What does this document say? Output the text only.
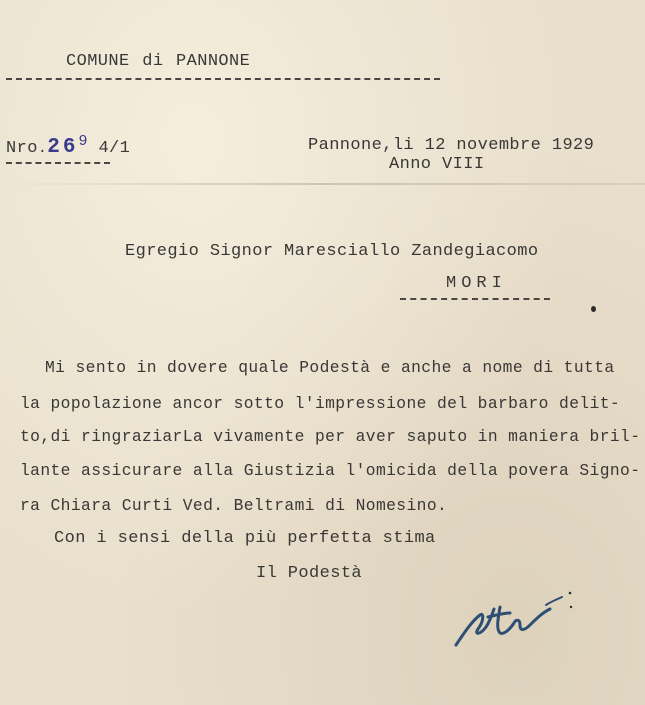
COMUNE di PANNONE
Nro.269 4/1	Pannone,li 12 novembre 1929
Anno VIII
Egregio Signor Maresciallo Zandegiacomo
MORI
Mi sento in dovere quale Podestà e anche a nome di tutta
la popolazione ancor sotto l'impressione del barbaro delit-
to,di ringraziarLa vivamente per aver saputo in maniera bril-
lante assicurare alla Giustizia l'omicida della povera Signo-
ra Chiara Curti Ved. Beltrami di Nomesino.
Con i sensi della più perfetta stima
Il Podestà
